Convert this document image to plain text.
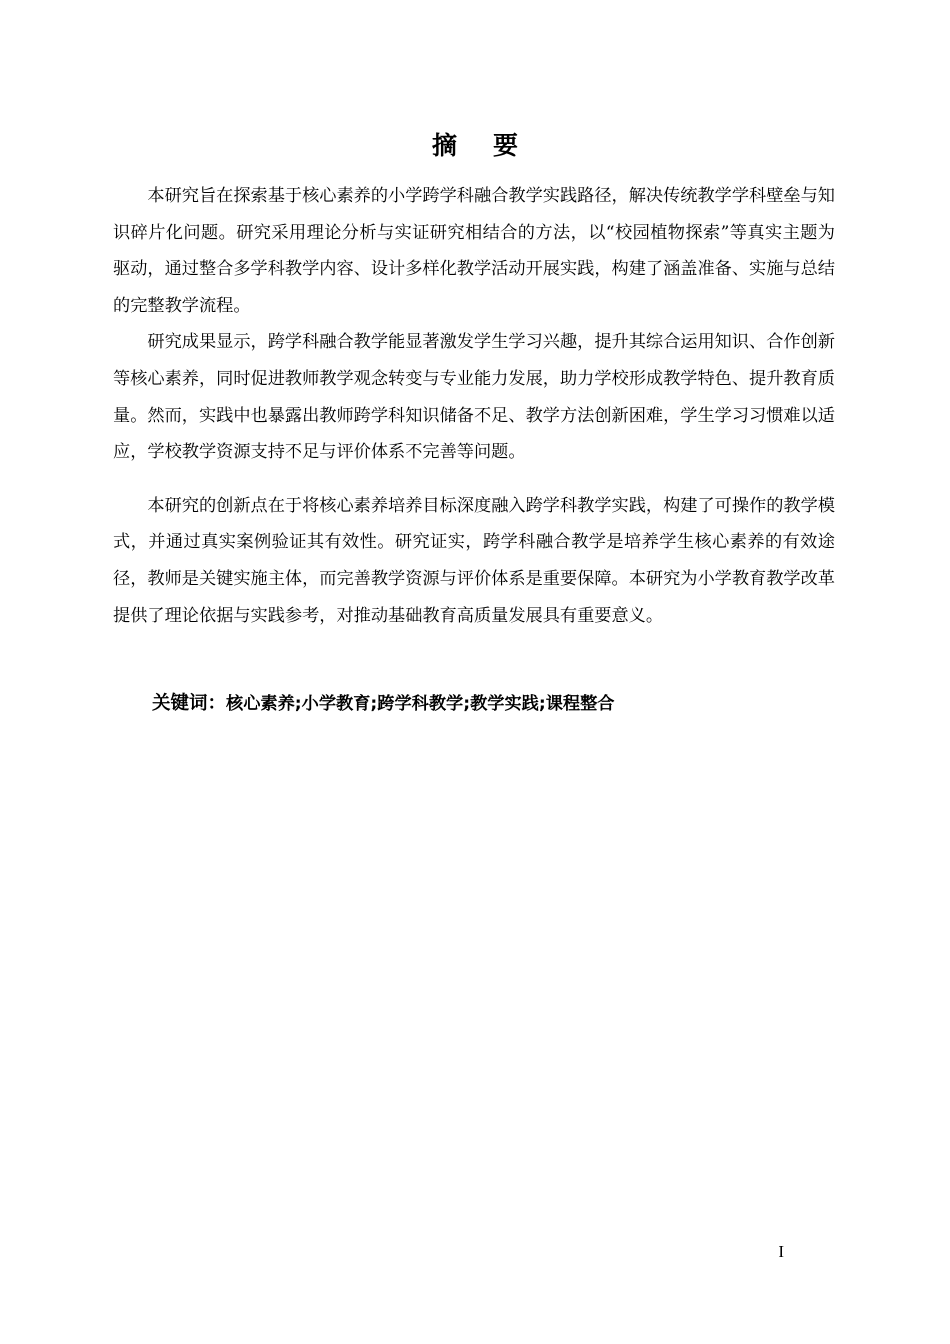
摘要

本研究旨在探索基于核心素养的小学跨学科融合教学实践路径，解决传统教学学科壁垒与知识碎片化问题。研究采用理论分析与实证研究相结合的方法，以“校园植物探索”等真实主题为驱动，通过整合多学科教学内容、设计多样化教学活动开展实践，构建了涵盖准备、实施与总结的完整教学流程。

研究成果显示，跨学科融合教学能显著激发学生学习兴趣，提升其综合运用知识、合作创新等核心素养，同时促进教师教学观念转变与专业能力发展，助力学校形成教学特色、提升教育质量。然而，实践中也暴露出教师跨学科知识储备不足、教学方法创新困难，学生学习习惯难以适应，学校教学资源支持不足与评价体系不完善等问题。

本研究的创新点在于将核心素养培养目标深度融入跨学科教学实践，构建了可操作的教学模式，并通过真实案例验证其有效性。研究证实，跨学科融合教学是培养学生核心素养的有效途径，教师是关键实施主体，而完善教学资源与评价体系是重要保障。本研究为小学教育教学改革提供了理论依据与实践参考，对推动基础教育高质量发展具有重要意义。

关键词：核心素养;小学教育;跨学科教学;教学实践;课程整合
I
